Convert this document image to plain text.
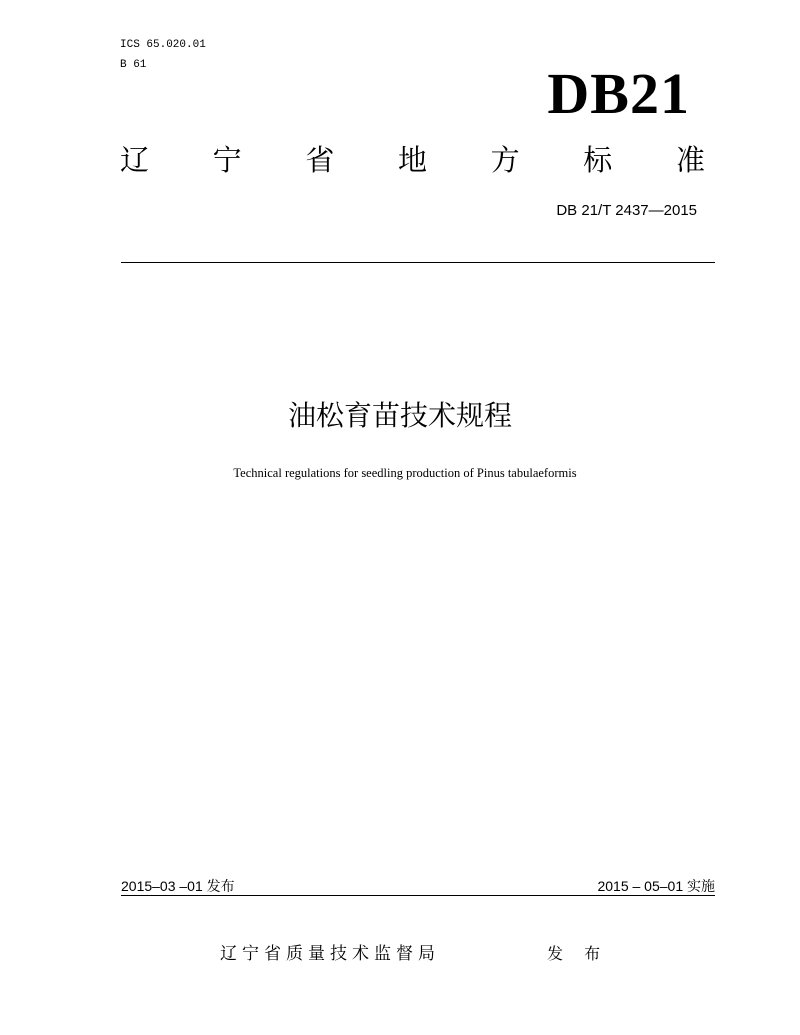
ICS 65.020.01
B 61	DB21
辽 宁 省 地 方 标 准
DB 21/T 2437—2015
油松育苗技术规程
Technical regulations for seedling production of Pinus tabulaeformis
2015–03 –01 发布	2015 – 05–01 实施
辽宁省质量技术监督局	发 布
